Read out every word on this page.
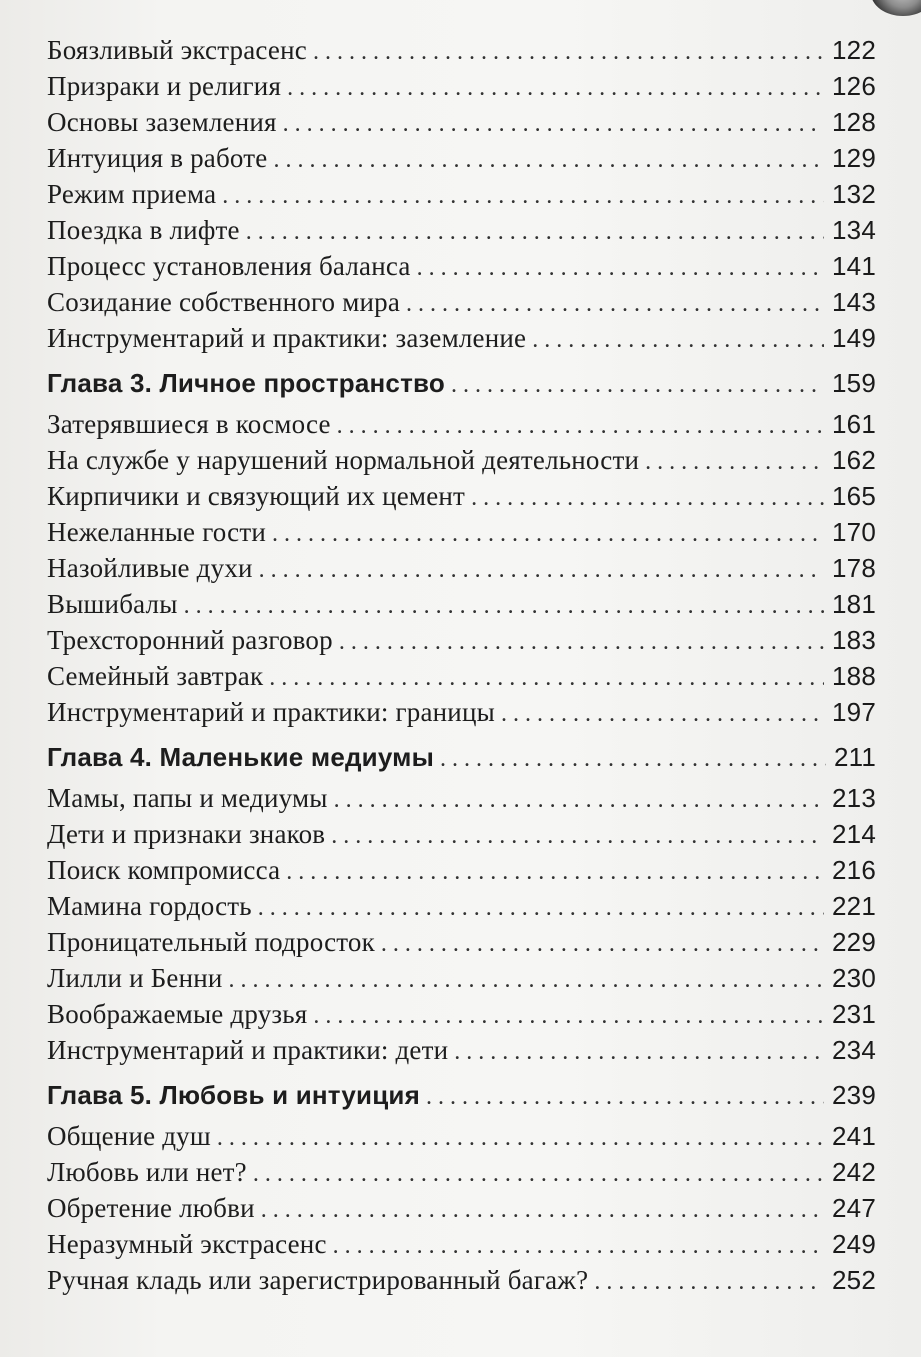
Боязливый экстрасенс . . .	122
Призраки и религия . . .	126
Основы заземления . . .	128
Интуиция в работе . . .	129
Режим приема . . .	132
Поездка в лифте . . .	134
Процесс установления баланса . . .	141
Созидание собственного мира . . .	143
Инструментарий и практики: заземление . . .	149
Глава 3. Личное пространство . . .	159
Затерявшиеся в космосе . . .	161
На службе у нарушений нормальной деятельности . . .	162
Кирпичики и связующий их цемент . . .	165
Нежеланные гости . . .	170
Назойливые духи . . .	178
Вышибалы . . .	181
Трехсторонний разговор . . .	183
Семейный завтрак . . .	188
Инструментарий и практики: границы . . .	197
Глава 4. Маленькие медиумы . . .	211
Мамы, папы и медиумы . . .	213
Дети и признаки знаков . . .	214
Поиск компромисса . . .	216
Мамина гордость . . .	221
Проницательный подросток . . .	229
Лилли и Бенни . . .	230
Воображаемые друзья . . .	231
Инструментарий и практики: дети . . .	234
Глава 5. Любовь и интуиция . . .	239
Общение душ . . .	241
Любовь или нет? . . .	242
Обретение любви . . .	247
Неразумный экстрасенс . . .	249
Ручная кладь или зарегистрированный багаж? . . .	252
